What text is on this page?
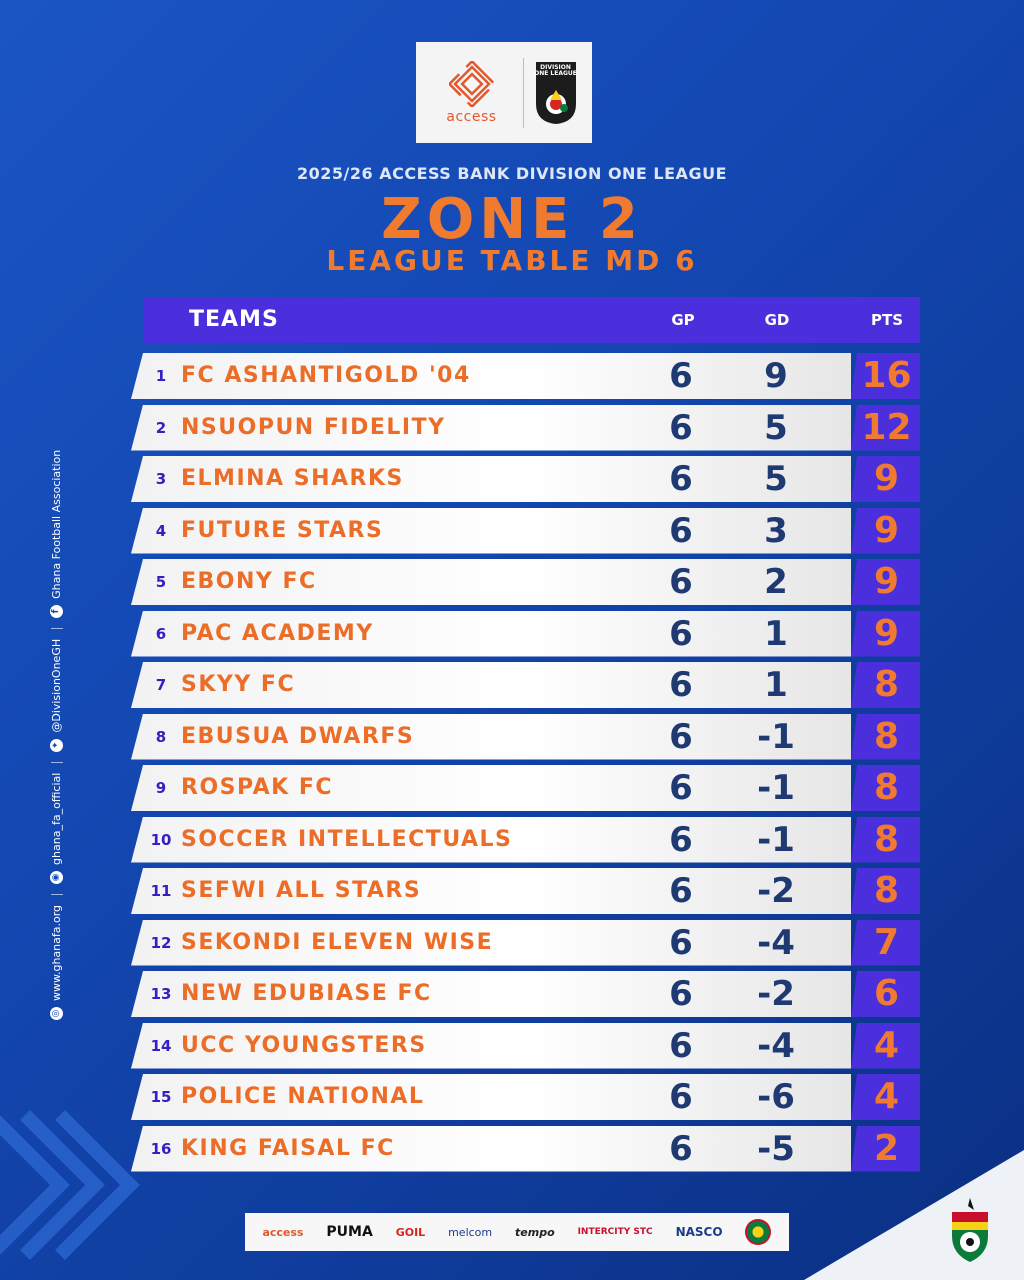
access
DIVISION ONE LEAGUE
2025/26 ACCESS BANK DIVISION ONE LEAGUE
ZONE 2
LEAGUE TABLE MD 6
◎
www.ghanafa.org
◉
ghana_fa_official
✦
@DivisionOneGH
f
Ghana Football Association
TEAMS	GP	GD	PTS
1 FC ASHANTIGOLD '04	6	9	16
2 NSUOPUN FIDELITY	6	5	12
3 ELMINA SHARKS	6	5	9
4 FUTURE STARS	6	3	9
5 EBONY FC	6	2	9
6 PAC ACADEMY	6	1	9
7 SKYY FC	6	1	8
8 EBUSUA DWARFS	6	-1	8
9 ROSPAK FC	6	-1	8
10 SOCCER INTELLECTUALS	6	-1	8
11 SEFWI ALL STARS	6	-2	8
12 SEKONDI ELEVEN WISE	6	-4	7
13 NEW EDUBIASE FC	6	-2	6
14 UCC YOUNGSTERS	6	-4	4
15 POLICE NATIONAL	6	-6	4
16 KING FAISAL FC	6	-5	2
access PUMA GOIL melcom tempo	INTERCITY STC NASCO
